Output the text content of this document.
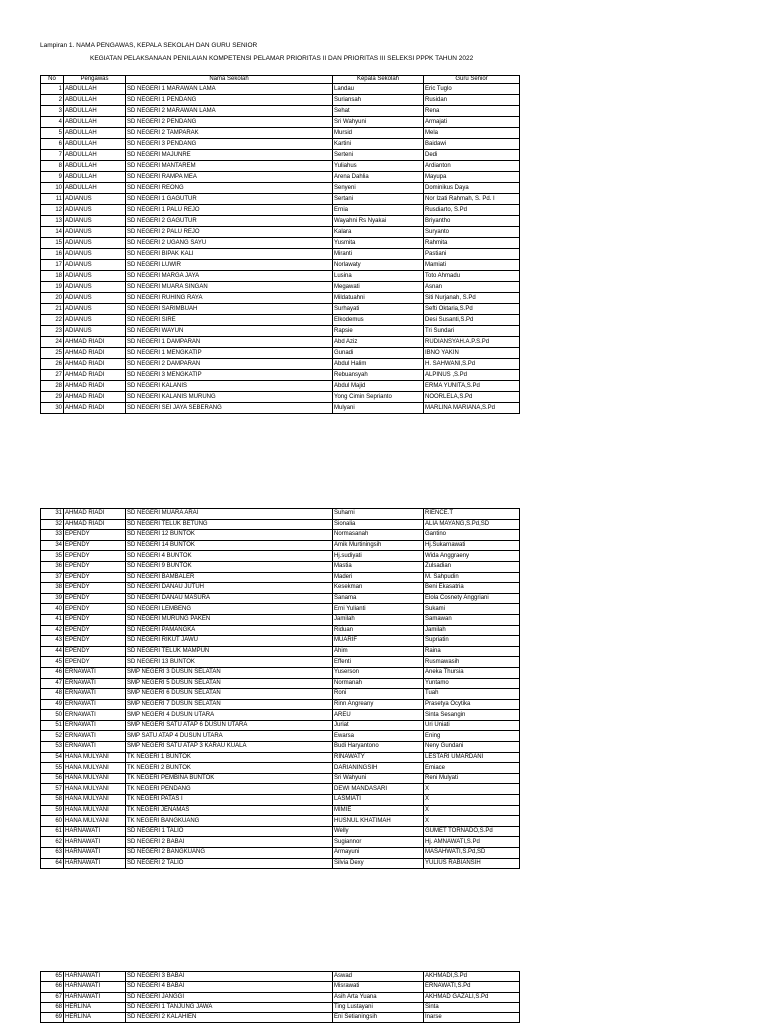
Lampiran 1. NAMA PENGAWAS, KEPALA SEKOLAH DAN GURU SENIOR
KEGIATAN PELAKSANAAN PENILAIAN KOMPETENSI PELAMAR PRIORITAS II DAN PRIORITAS III SELEKSI PPPK TAHUN 2022
No	Pengawas	Nama Sekolah	Kepala Sekolah	Guru Senior
1	ABDULLAH	SD NEGERI 1 MARAWAN LAMA	Landau	Eric Tuglo
2	ABDULLAH	SD NEGERI 1 PENDANG	Suriansah	Rusidan
3	ABDULLAH	SD NEGERI 2 MARAWAN LAMA	Sehat	Rena
4	ABDULLAH	SD NEGERI 2 PENDANG	Sri Wahyuni	Armajati
5	ABDULLAH	SD NEGERI 2 TAMPARAK	Mursid	Mela
6	ABDULLAH	SD NEGERI 3 PENDANG	Kartini	Baidawi
7	ABDULLAH	SD NEGERI MAJUNRE	Serteni	Dedi
8	ABDULLAH	SD NEGERI MANTAREM	Yuliahus	Ardianton
9	ABDULLAH	SD NEGERI RAMPA MEA	Arena Dahlia	Mayupa
10	ABDULLAH	SD NEGERI REONG	Senyeni	Dominikus Daya
11	ADIANUS	SD NEGERI 1 GAGUTUR	Sertani	Nor Izati Rahmah, S. Pd. I
12	ADIANUS	SD NEGERI 1 PALU REJO	Ernia	Rusdiarto, S.Pd
13	ADIANUS	SD NEGERI 2 GAGUTUR	Wayahni Rs Nyakai	Briyantho
14	ADIANUS	SD NEGERI 2 PALU REJO	Kalara	Suryanto
15	ADIANUS	SD NEGERI 2 UGANG SAYU	Yusmita	Rahmita
16	ADIANUS	SD NEGERI BIPAK KALI	Miranti	Pastiani
17	ADIANUS	SD NEGERI LUWIR	Norlawaty	Mamiati
18	ADIANUS	SD NEGERI MARGA JAYA	Lusina	Toto Ahmadu
19	ADIANUS	SD NEGERI MUARA SINGAN	Megawati	Asnan
20	ADIANUS	SD NEGERI RUHING RAYA	Mildatuahni	Siti Nurjanah, S.Pd
21	ADIANUS	SD NEGERI SARIMBUAH	Surhayati	Sefti Oktaria,S.Pd
22	ADIANUS	SD NEGERI SIRE	Elkodemus	Desi Susanti,S.Pd
23	ADIANUS	SD NEGERI WAYUN	Rapsie	Tri Sundari
24	AHMAD RIADI	SD NEGERI 1 DAMPARAN	Abd Aziz	RUDIANSYAH.A.P.S.Pd
25	AHMAD RIADI	SD NEGERI 1 MENGKATIP	Gunadi	IBNO YAKIN
26	AHMAD RIADI	SD NEGERI 2 DAMPARAN	Abdul Halim	H. SAHWANI,S.Pd
27	AHMAD RIADI	SD NEGERI 3 MENGKATIP	Rebuansyah	ALPINUS ,S.Pd
28	AHMAD RIADI	SD NEGERI KALANIS	Abdul Majid	ERMA YUNITA,S.Pd
29	AHMAD RIADI	SD NEGERI KALANIS MURUNG	Yong Cimin Seprianto	NOORLELA,S.Pd
30	AHMAD RIADI	SD NEGERI SEI JAYA SEBERANG	Mulyani	MARLINA MARIANA,S.Pd
31	AHMAD RIADI	SD NEGERI MUARA ARAI	Suharni	RIENCE.T
32	AHMAD RIADI	SD NEGERI TELUK BETUNG	Sionalia	ALIA MAYANG,S.Pd,SD
33	EPENDY	SD NEGERI 12 BUNTOK	Normasanah	Gantino
34	EPENDY	SD NEGERI 14 BUNTOK	Amik Murtiningsih	Hj.Sukarnawati
35	EPENDY	SD NEGERI 4 BUNTOK	Hj.sudiyati	Wida Anggraeny
36	EPENDY	SD NEGERI 9 BUNTOK	Mastia	Zulsadian
37	EPENDY	SD NEGERI BAMBALER	Maderi	M. Sahpudin
38	EPENDY	SD NEGERI DANAU JUTUH	Kesekman	Beni Ekasatria
39	EPENDY	SD NEGERI DANAU MASURA	Sanama	Elola Cosnety Anggriani
40	EPENDY	SD NEGERI LEMBENG	Erni Yulianti	Sukami
41	EPENDY	SD NEGERI MURUNG PAKEN	Jamilah	Samawan
42	EPENDY	SD NEGERI PAMANGKA	Riduan	Jamilah
43	EPENDY	SD NEGERI RIKUT JAWU	MUARIF	Supriatin
44	EPENDY	SD NEGERI TELUK MAMPUN	Ahim	Raina
45	EPENDY	SD NEGERI 13 BUNTOK	Effenti	Rusmawasih
46	ERNAWATI	SMP NEGERI 3 DUSUN SELATAN	Yuserson	Aneka Thursia
47	ERNAWATI	SMP NEGERI 5 DUSUN SELATAN	Normanah	Yuntamo
48	ERNAWATI	SMP NEGERI 6 DUSUN SELATAN	Roni	Tuah
49	ERNAWATI	SMP NEGERI 7 DUSUN SELATAN	Rinn Angreany	Prasetya Ocytika
50	ERNAWATI	SMP NEGERI 4 DUSUN UTARA	AREU	Sinta Sesangin
51	ERNAWATI	SMP NEGERI SATU ATAP 6 DUSUN UTARA	Juriat	Uri Uniati
52	ERNAWATI	SMP SATU ATAP 4 DUSUN UTARA	Ewarsa	Ening
53	ERNAWATI	SMP NEGERI SATU ATAP 3 KARAU KUALA	Budi Haryantono	Neny Gundani
54	HANA MULYANI	TK NEGERI 1 BUNTOK	RINAWATY	LESTARI UMARDANI
55	HANA MULYANI	TK NEGERI 2 BUNTOK	DARIANINGSIH	Emiace
56	HANA MULYANI	TK NEGERI PEMBINA BUNTOK	Sri Wahyuni	Reni Mulyati
57	HANA MULYANI	TK NEGERI PENDANG	DEWI MANDASARI	X
58	HANA MULYANI	TK NEGERI PATAS I	LASMIATI	X
59	HANA MULYANI	TK NEGERI JENAMAS	MIMIE	X
60	HANA MULYANI	TK NEGERI BANGKUANG	HUSNUL KHATIMAH	X
61	HARNAWATI	SD NEGERI 1 TALIO	Welly	GUMET TORNADO,S.Pd
62	HARNAWATI	SD NEGERI 2 BABAI	Sugiannor	Hj. AMNAWATI,S.Pd
63	HARNAWATI	SD NEGERI 2 BANGKUANG	Armayuni	MASAHWATI,S.Pd,SD
64	HARNAWATI	SD NEGERI 2 TALIO	Silvia Dexy	YULIUS RABIANSIH
65	HARNAWATI	SD NEGERI 3 BABAI	Aswad	AKHMADI,S.Pd
66	HARNAWATI	SD NEGERI 4 BABAI	Misrawati	ERNAWATI,S.Pd
67	HARNAWATI	SD NEGERI JANGGI	Asih Arta Yuana	AKHMAD GAZALI,S.Pd
68	HERLINA	SD NEGERI 1 TANJUNG JAWA	Ting Lustayani	Sinta
69	HERLINA	SD NEGERI 2 KALAHIEN	Eni Setianingsih	Inarse
